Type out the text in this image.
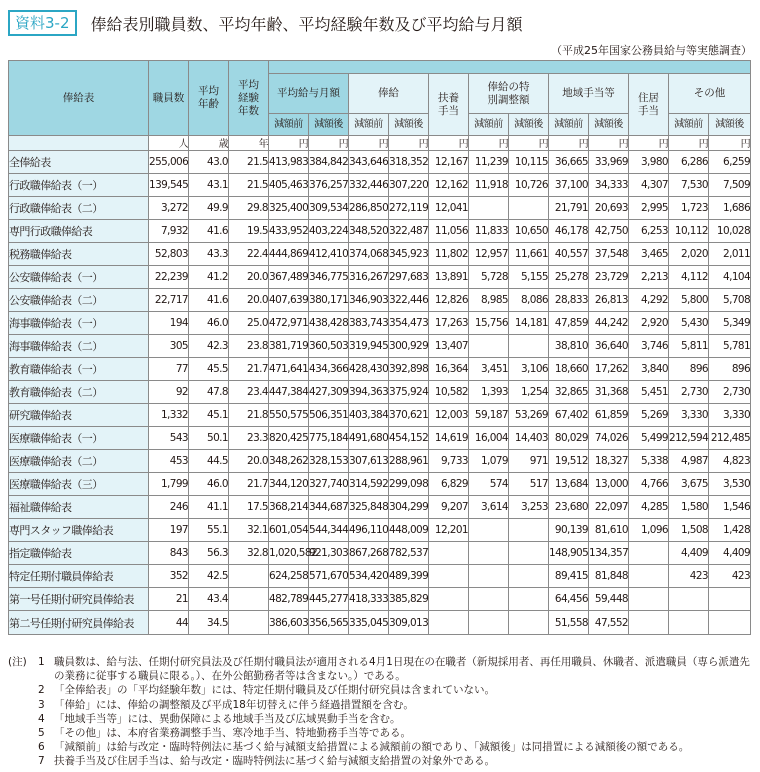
資料3-2	俸給表別職員数、平均年齢、平均経験年数及び平均給与月額
（平成25年国家公務員給与等実態調査）
俸給表	職員数	平均年齢	平均経験年数												
				平均給与月額		俸給		扶養手当	俸給の特別調整額		地域手当等		住居手当	その他	
				減額前	減額後	減額前	減額後		減額前	減額後	減額前	減額後		減額前	減額後
	人	歳	年	円	円	円	円	円	円	円	円	円	円	円	円
全俸給表	255,006	43.0	21.5	413,983	384,842	343,646	318,352	12,167	11,239	10,115	36,665	33,969	3,980	6,286	6,259
行政職俸給表（一）	139,545	43.1	21.5	405,463	376,257	332,446	307,220	12,162	11,918	10,726	37,100	34,333	4,307	7,530	7,509
行政職俸給表（二）	3,272	49.9	29.8	325,400	309,534	286,850	272,119	12,041			21,791	20,693	2,995	1,723	1,686
専門行政職俸給表	7,932	41.6	19.5	433,952	403,224	348,520	322,487	11,056	11,833	10,650	46,178	42,750	6,253	10,112	10,028
税務職俸給表	52,803	43.3	22.4	444,869	412,410	374,068	345,923	11,802	12,957	11,661	40,557	37,548	3,465	2,020	2,011
公安職俸給表（一）	22,239	41.2	20.0	367,489	346,775	316,267	297,683	13,891	5,728	5,155	25,278	23,729	2,213	4,112	4,104
公安職俸給表（二）	22,717	41.6	20.0	407,639	380,171	346,903	322,446	12,826	8,985	8,086	28,833	26,813	4,292	5,800	5,708
海事職俸給表（一）	194	46.0	25.0	472,971	438,428	383,743	354,473	17,263	15,756	14,181	47,859	44,242	2,920	5,430	5,349
海事職俸給表（二）	305	42.3	23.8	381,719	360,503	319,945	300,929	13,407			38,810	36,640	3,746	5,811	5,781
教育職俸給表（一）	77	45.5	21.7	471,641	434,366	428,430	392,898	16,364	3,451	3,106	18,660	17,262	3,840	896	896
教育職俸給表（二）	92	47.8	23.4	447,384	427,309	394,363	375,924	10,582	1,393	1,254	32,865	31,368	5,451	2,730	2,730
研究職俸給表	1,332	45.1	21.8	550,575	506,351	403,384	370,621	12,003	59,187	53,269	67,402	61,859	5,269	3,330	3,330
医療職俸給表（一）	543	50.1	23.3	820,425	775,184	491,680	454,152	14,619	16,004	14,403	80,029	74,026	5,499	212,594	212,485
医療職俸給表（二）	453	44.5	20.0	348,262	328,153	307,613	288,961	9,733	1,079	971	19,512	18,327	5,338	4,987	4,823
医療職俸給表（三）	1,799	46.0	21.7	344,120	327,740	314,592	299,098	6,829	574	517	13,684	13,000	4,766	3,675	3,530
福祉職俸給表	246	41.1	17.5	368,214	344,687	325,848	304,299	9,207	3,614	3,253	23,680	22,097	4,285	1,580	1,546
専門スタッフ職俸給表	197	55.1	32.1	601,054	544,344	496,110	448,009	12,201			90,139	81,610	1,096	1,508	1,428
指定職俸給表	843	56.3	32.8	1,020,582	921,303	867,268	782,537				148,905	134,357		4,409	4,409
特定任期付職員俸給表	352	42.5		624,258	571,670	534,420	489,399				89,415	81,848		423	423
第一号任期付研究員俸給表	21	43.4		482,789	445,277	418,333	385,829				64,456	59,448			
第二号任期付研究員俸給表	44	34.5		386,603	356,565	335,045	309,013				51,558	47,552			
(注)	1 職員数は、給与法、任期付研究員法及び任期付職員法が適用される4月1日現在の在職者（新規採用者、再任用職員、休職者、派遣職員（専ら派遣先の業務に従事する職員に限る。）、在外公館勤務者等は含まない。）である。
2 「全俸給表」の「平均経験年数」には、特定任期付職員及び任期付研究員は含まれていない。
3 「俸給」には、俸給の調整額及び平成18年切替えに伴う経過措置額を含む。
4 「地域手当等」には、異動保障による地域手当及び広域異動手当を含む。
5 「その他」は、本府省業務調整手当、寒冷地手当、特地勤務手当等である。
6 「減額前」は給与改定・臨時特例法に基づく給与減額支給措置による減額前の額であり、「減額後」は同措置による減額後の額である。
7 扶養手当及び住居手当は、給与改定・臨時特例法に基づく給与減額支給措置の対象外である。
